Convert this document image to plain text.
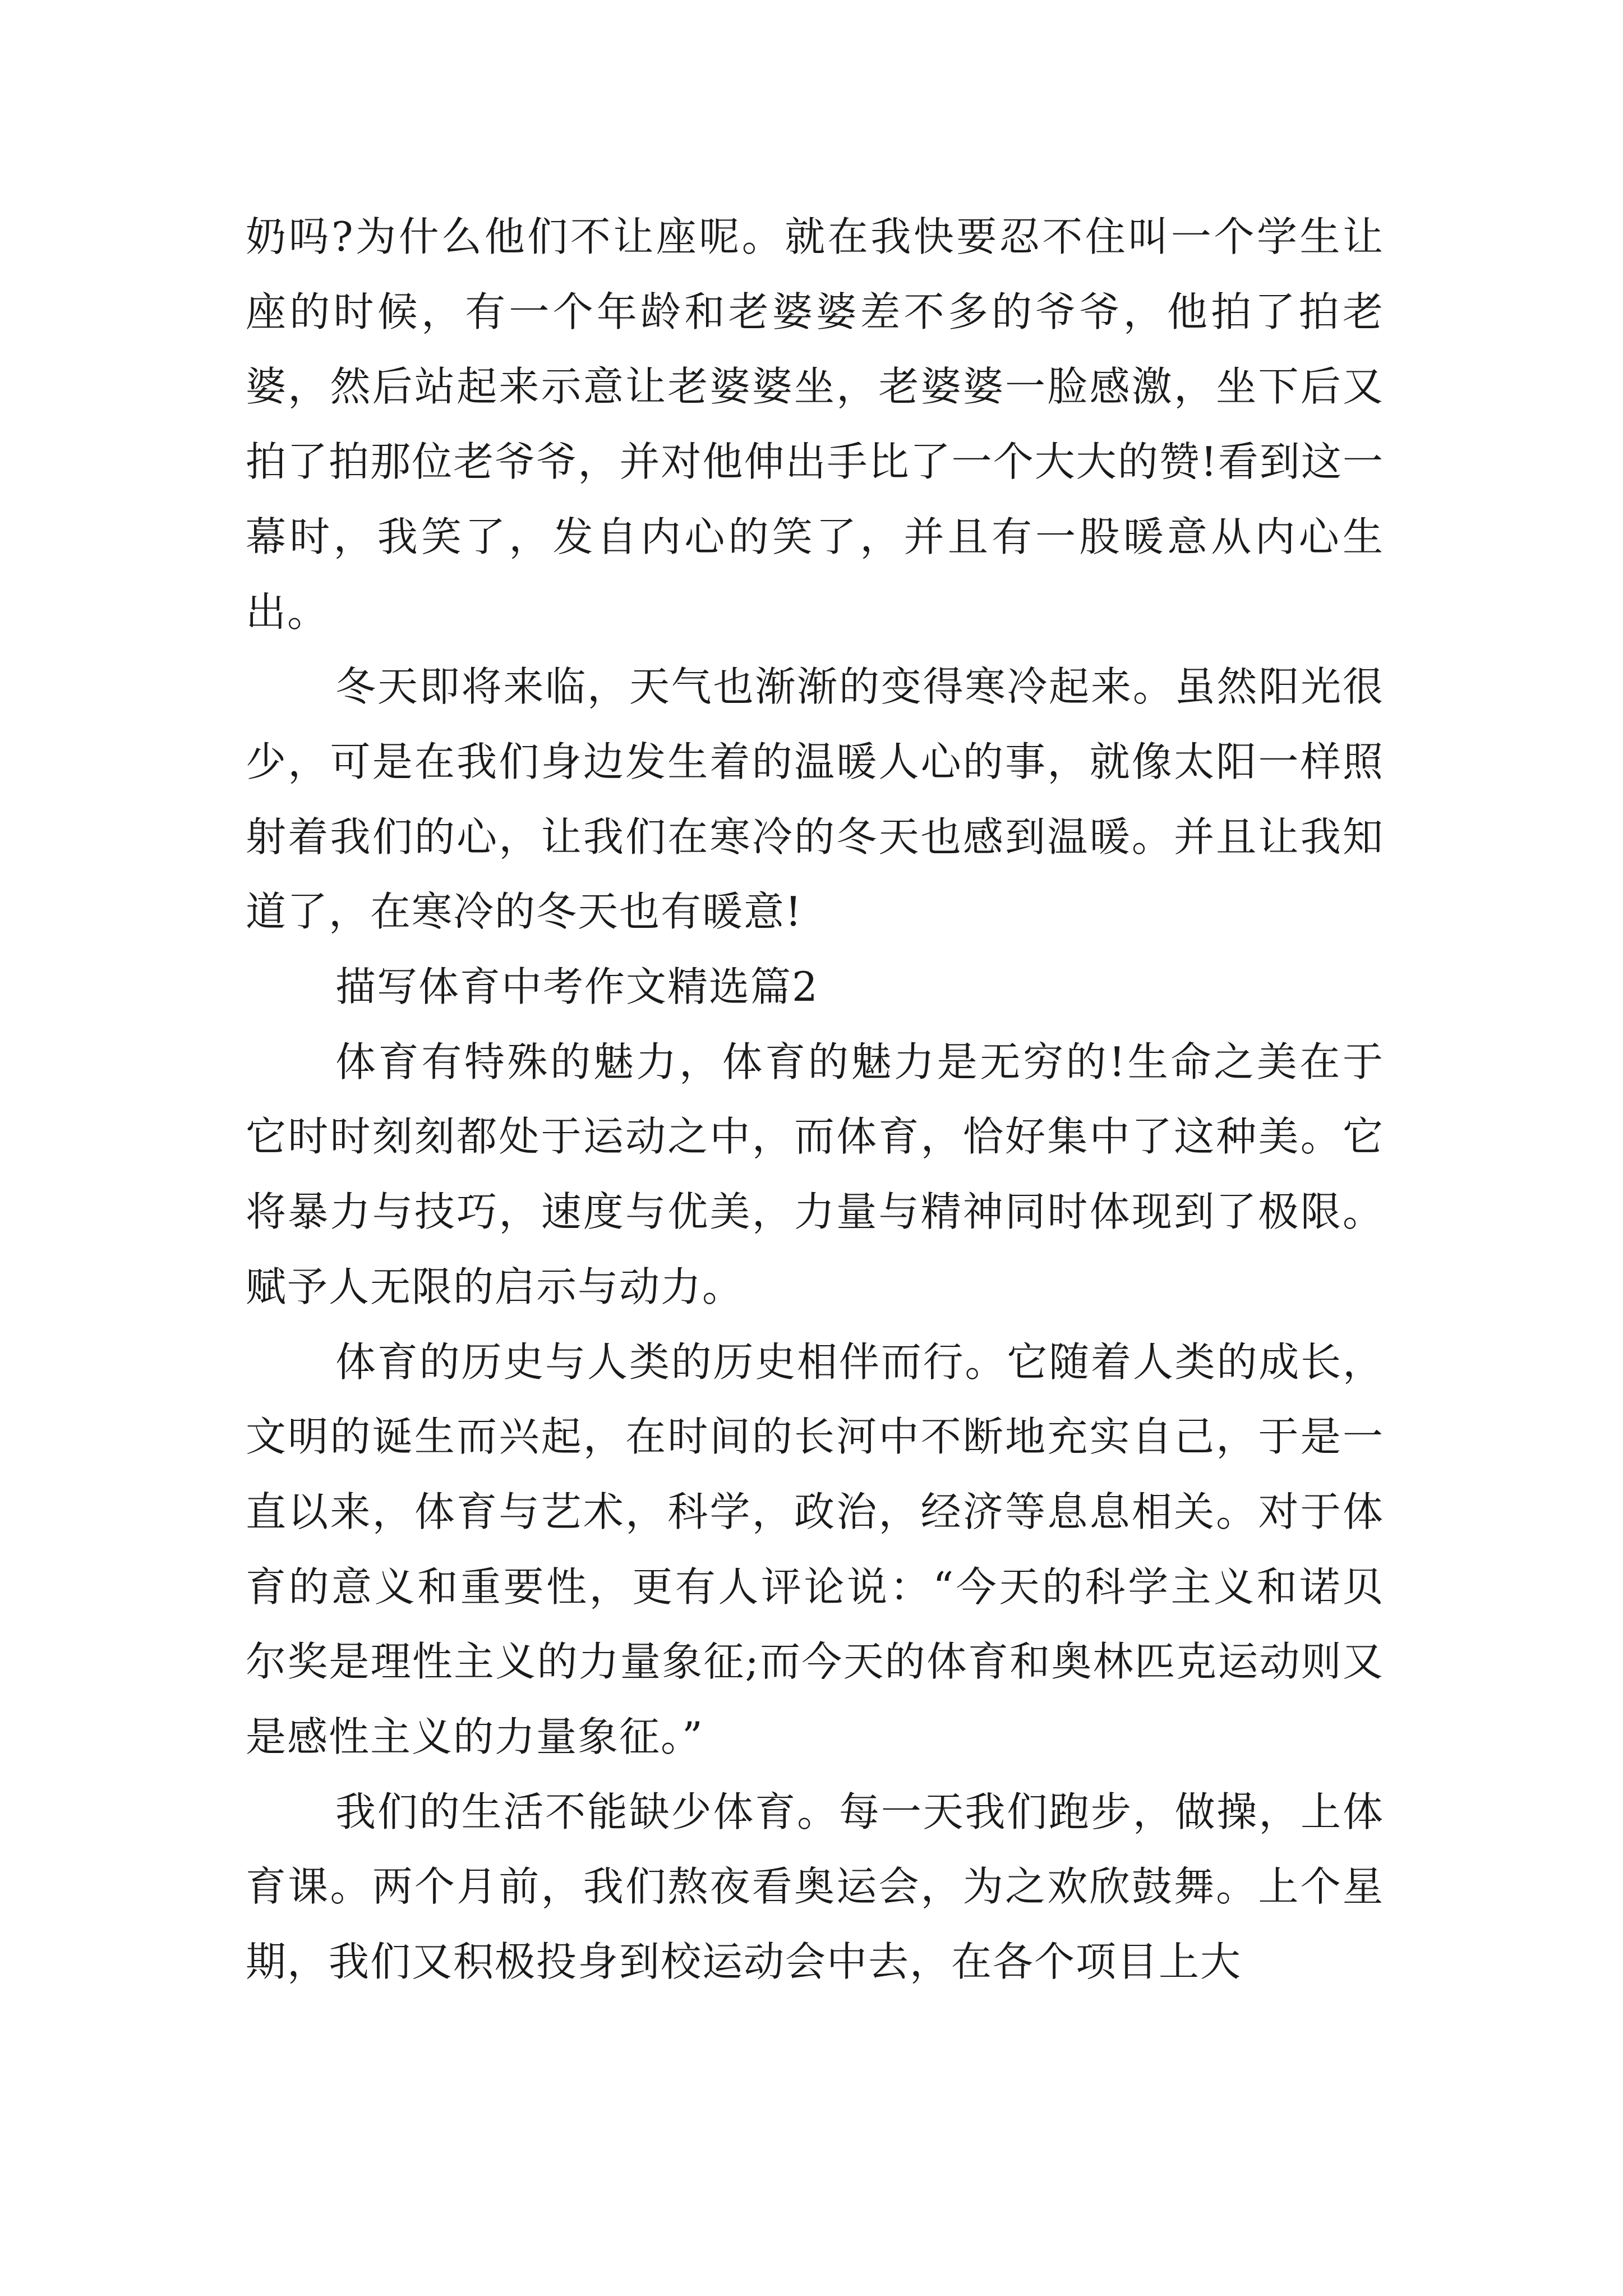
奶吗?为什么他们不让座呢。就在我快要忍不住叫一个学生让座的时候，有一个年龄和老婆婆差不多的爷爷，他拍了拍老婆，然后站起来示意让老婆婆坐，老婆婆一脸感激，坐下后又拍了拍那位老爷爷，并对他伸出手比了一个大大的赞!看到这一幕时，我笑了，发自内心的笑了，并且有一股暖意从内心生出。

冬天即将来临，天气也渐渐的变得寒冷起来。虽然阳光很少，可是在我们身边发生着的温暖人心的事，就像太阳一样照射着我们的心，让我们在寒冷的冬天也感到温暖。并且让我知道了，在寒冷的冬天也有暖意!

描写体育中考作文精选篇2

体育有特殊的魅力，体育的魅力是无穷的!生命之美在于它时时刻刻都处于运动之中，而体育，恰好集中了这种美。它将暴力与技巧，速度与优美，力量与精神同时体现到了极限。赋予人无限的启示与动力。

体育的历史与人类的历史相伴而行。它随着人类的成长，文明的诞生而兴起，在时间的长河中不断地充实自己，于是一直以来，体育与艺术，科学，政治，经济等息息相关。对于体育的意义和重要性，更有人评论说：“今天的科学主义和诺贝尔奖是理性主义的力量象征;而今天的体育和奥林匹克运动则又是感性主义的力量象征。”

我们的生活不能缺少体育。每一天我们跑步，做操，上体育课。两个月前，我们熬夜看奥运会，为之欢欣鼓舞。上个星期，我们又积极投身到校运动会中去，在各个项目上大
